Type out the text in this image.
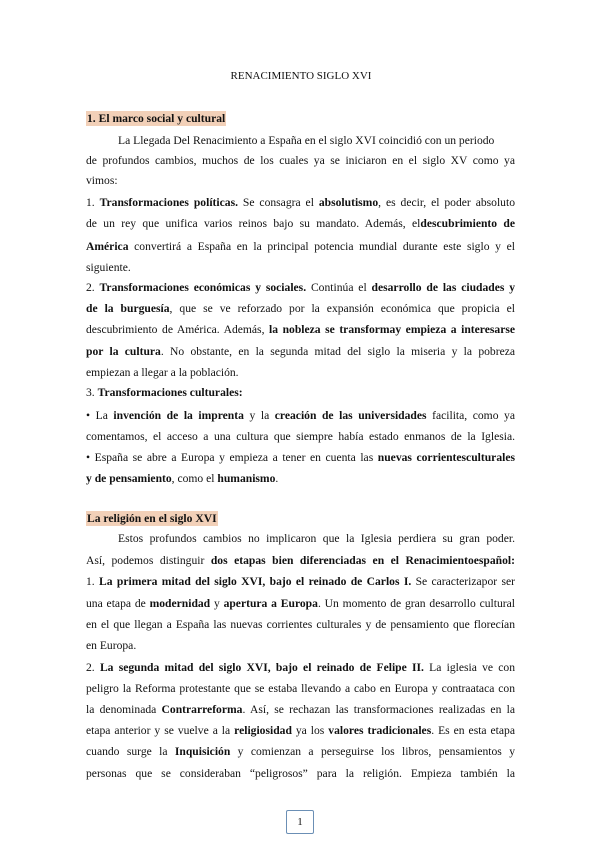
RENACIMIENTO SIGLO XVI
1. El marco social y cultural
La religión en el siglo XVI
La Llegada Del Renacimiento a España en el siglo XVI coincidió con un periodo
de profundos cambios, muchos de los cuales ya se iniciaron en el siglo XV como ya
vimos:
1. Transformaciones políticas. Se consagra el absolutismo, es decir, el poder absoluto
de un rey que unifica varios reinos bajo su mandato. Además, eldescubrimiento de
América convertirá a España en la principal potencia mundial durante este siglo y el
siguiente.
2. Transformaciones económicas y sociales. Continúa el desarrollo de las ciudades y
de la burguesía, que se ve reforzado por la expansión económica que propicia el
descubrimiento de América. Además, la nobleza se transformay empieza a interesarse
por la cultura. No obstante, en la segunda mitad del siglo la miseria y la pobreza
empiezan a llegar a la población.
3. Transformaciones culturales:
• La invención de la imprenta y la creación de las universidades facilita, como ya
comentamos, el acceso a una cultura que siempre había estado enmanos de la Iglesia.
• España se abre a Europa y empieza a tener en cuenta las nuevas corrientesculturales
y de pensamiento, como el humanismo.
Estos profundos cambios no implicaron que la Iglesia perdiera su gran poder.
Así, podemos distinguir dos etapas bien diferenciadas en el Renacimientoespañol:
1. La primera mitad del siglo XVI, bajo el reinado de Carlos I. Se caracterizapor ser
una etapa de modernidad y apertura a Europa. Un momento de gran desarrollo cultural
en el que llegan a España las nuevas corrientes culturales y de pensamiento que florecían
en Europa.
2. La segunda mitad del siglo XVI, bajo el reinado de Felipe II. La iglesia ve con
peligro la Reforma protestante que se estaba llevando a cabo en Europa y contraataca con
la denominada Contrarreforma. Así, se rechazan las transformaciones realizadas en la
etapa anterior y se vuelve a la religiosidad ya los valores tradicionales. Es en esta etapa
cuando surge la Inquisición y comienzan a perseguirse los libros, pensamientos y
personas que se consideraban “peligrosos” para la religión. Empieza también la
1
